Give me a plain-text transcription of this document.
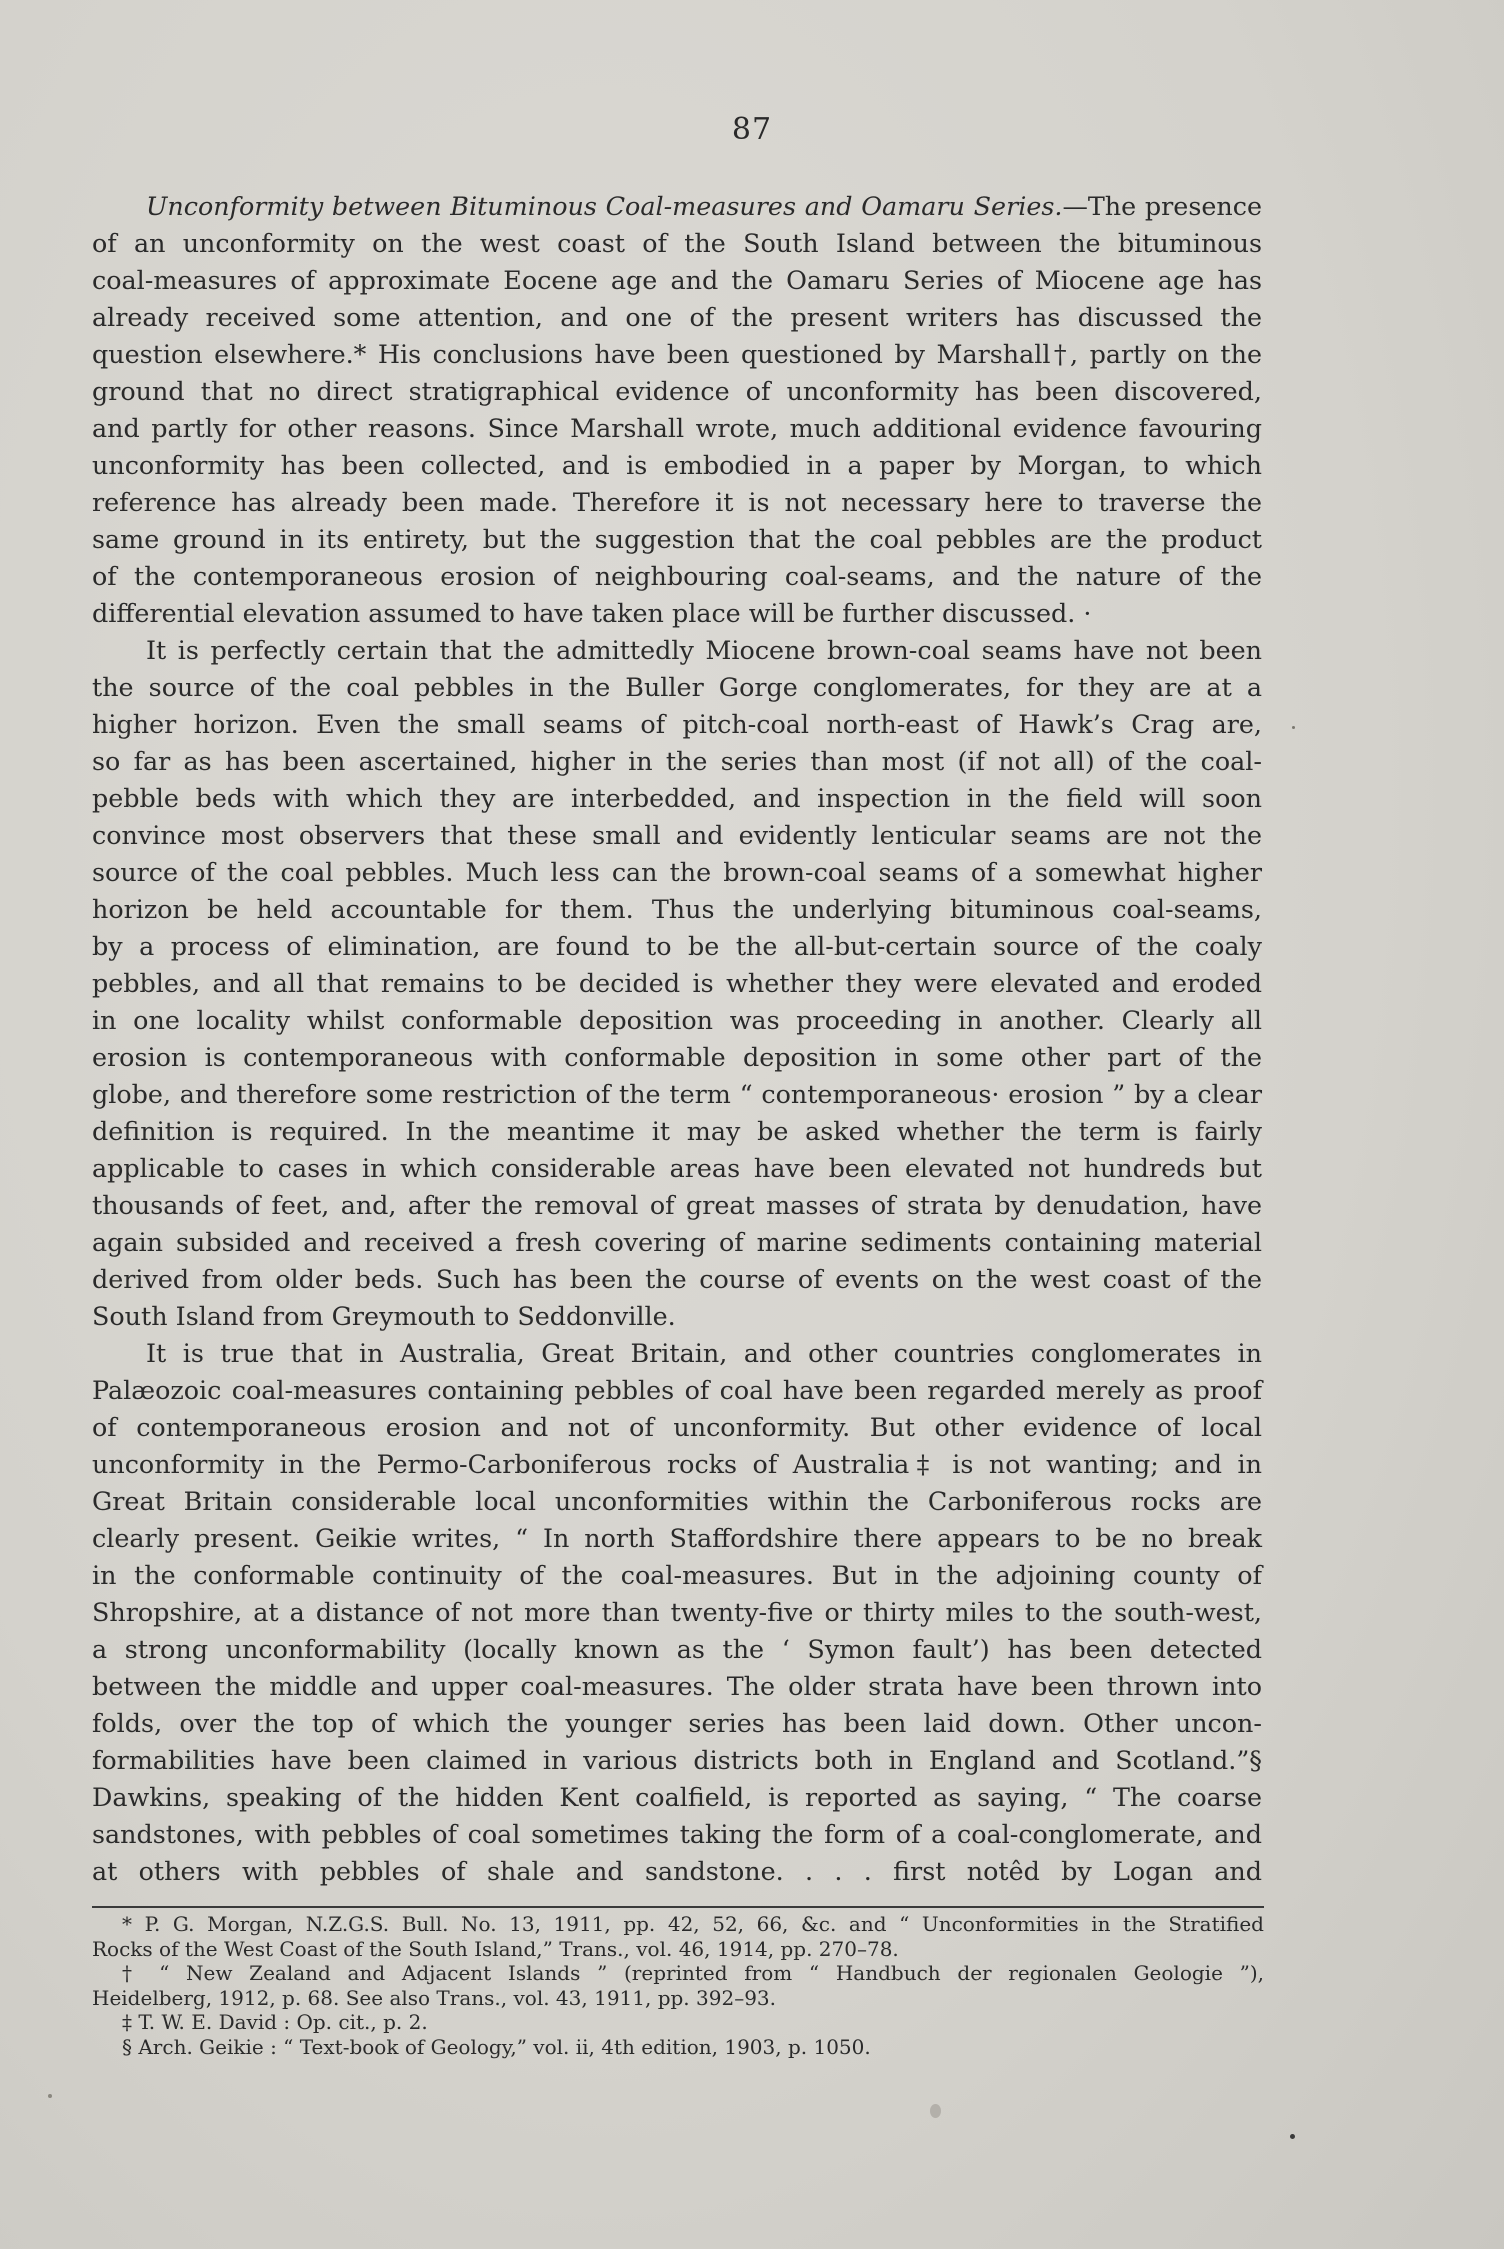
87
Unconformity between Bituminous Coal-measures and Oamaru Series.—The presence
of an unconformity on the west coast of the South Island between the bituminous
coal-measures of approximate Eocene age and the Oamaru Series of Miocene age has
already received some attention, and one of the present writers has discussed the
question elsewhere.* His conclusions have been questioned by Marshall†, partly on the
ground that no direct stratigraphical evidence of unconformity has been discovered,
and partly for other reasons. Since Marshall wrote, much additional evidence favouring
unconformity has been collected, and is embodied in a paper by Morgan, to which
reference has already been made. Therefore it is not necessary here to traverse the
same ground in its entirety, but the suggestion that the coal pebbles are the product
of the contemporaneous erosion of neighbouring coal-seams, and the nature of the
differential elevation assumed to have taken place will be further discussed. ·
It is perfectly certain that the admittedly Miocene brown-coal seams have not been
the source of the coal pebbles in the Buller Gorge conglomerates, for they are at a
higher horizon. Even the small seams of pitch-coal north-east of Hawk’s Crag are,
so far as has been ascertained, higher in the series than most (if not all) of the coal-
pebble beds with which they are interbedded, and inspection in the field will soon
convince most observers that these small and evidently lenticular seams are not the
source of the coal pebbles. Much less can the brown-coal seams of a somewhat higher
horizon be held accountable for them. Thus the underlying bituminous coal-seams,
by a process of elimination, are found to be the all-but-certain source of the coaly
pebbles, and all that remains to be decided is whether they were elevated and eroded
in one locality whilst conformable deposition was proceeding in another. Clearly all
erosion is contemporaneous with conformable deposition in some other part of the
globe, and therefore some restriction of the term “ contemporaneous· erosion ” by a clear
definition is required. In the meantime it may be asked whether the term is fairly
applicable to cases in which considerable areas have been elevated not hundreds but
thousands of feet, and, after the removal of great masses of strata by denudation, have
again subsided and received a fresh covering of marine sediments containing material
derived from older beds. Such has been the course of events on the west coast of the
South Island from Greymouth to Seddonville.
It is true that in Australia, Great Britain, and other countries conglomerates in
Palæozoic coal-measures containing pebbles of coal have been regarded merely as proof
of contemporaneous erosion and not of unconformity. But other evidence of local
unconformity in the Permo-Carboniferous rocks of Australia‡ is not wanting; and in
Great Britain considerable local unconformities within the Carboniferous rocks are
clearly present. Geikie writes, “ In north Staffordshire there appears to be no break
in the conformable continuity of the coal-measures. But in the adjoining county of
Shropshire, at a distance of not more than twenty-five or thirty miles to the south-west,
a strong unconformability (locally known as the ‘ Symon fault’) has been detected
between the middle and upper coal-measures. The older strata have been thrown into
folds, over the top of which the younger series has been laid down. Other uncon-
formabilities have been claimed in various districts both in England and Scotland.”§
Dawkins, speaking of the hidden Kent coalfield, is reported as saying, “ The coarse
sandstones, with pebbles of coal sometimes taking the form of a coal-conglomerate, and
at others with pebbles of shale and sandstone. . . . first notêd by Logan and
* P. G. Morgan, N.Z.G.S. Bull. No. 13, 1911, pp. 42, 52, 66, &c. and “ Unconformities in the Stratified
Rocks of the West Coast of the South Island,” Trans., vol. 46, 1914, pp. 270–78.
† “ New Zealand and Adjacent Islands ” (reprinted from “ Handbuch der regionalen Geologie ”),
Heidelberg, 1912, p. 68. See also Trans., vol. 43, 1911, pp. 392–93.
‡ T. W. E. David : Op. cit., p. 2.
§ Arch. Geikie : “ Text-book of Geology,” vol. ii, 4th edition, 1903, p. 1050.
